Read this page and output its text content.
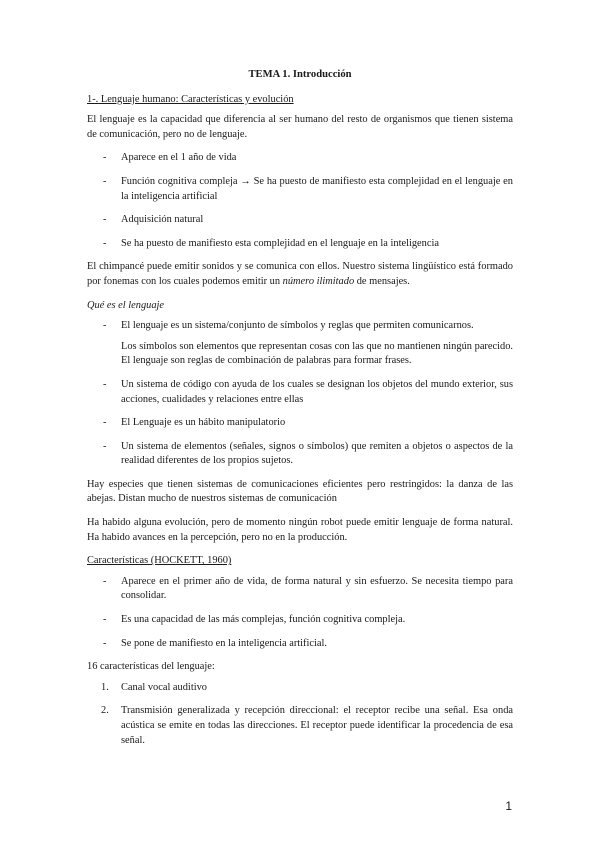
TEMA 1. Introducción
1-. Lenguaje humano: Características y evolución

El lenguaje es la capacidad que diferencia al ser humano del resto de organismos que tienen sistema de comunicación, pero no de lenguaje.

- Aparece en el 1 año de vida
- Función cognitiva compleja → Se ha puesto de manifiesto esta complejidad en el lenguaje en la inteligencia artificial
- Adquisición natural
- Se ha puesto de manifiesto esta complejidad en el lenguaje en la inteligencia

El chimpancé puede emitir sonidos y se comunica con ellos. Nuestro sistema lingüístico está formado por fonemas con los cuales podemos emitir un número ilimitado de mensajes.

Qué es el lenguaje

- El lenguaje es un sistema/conjunto de símbolos y reglas que permiten comunicarnos.
Los símbolos son elementos que representan cosas con las que no mantienen ningún parecido. El lenguaje son reglas de combinación de palabras para formar frases.
- Un sistema de código con ayuda de los cuales se designan los objetos del mundo exterior, sus acciones, cualidades y relaciones entre ellas
- El Lenguaje es un hábito manipulatorio
- Un sistema de elementos (señales, signos o símbolos) que remiten a objetos o aspectos de la realidad diferentes de los propios sujetos.

Hay especies que tienen sistemas de comunicaciones eficientes pero restringidos: la danza de las abejas. Distan mucho de nuestros sistemas de comunicación

Ha habido alguna evolución, pero de momento ningún robot puede emitir lenguaje de forma natural. Ha habido avances en la percepción, pero no en la producción.

Características (HOCKETT, 1960)
- Aparece en el primer año de vida, de forma natural y sin esfuerzo. Se necesita tiempo para consolidar.
- Es una capacidad de las más complejas, función cognitiva compleja.
- Se pone de manifiesto en la inteligencia artificial.

16 características del lenguaje:

1. Canal vocal auditivo
2. Transmisión generalizada y recepción direccional: el receptor recibe una señal. Esa onda acústica se emite en todas las direcciones. El receptor puede identificar la procedencia de esa señal.
1
